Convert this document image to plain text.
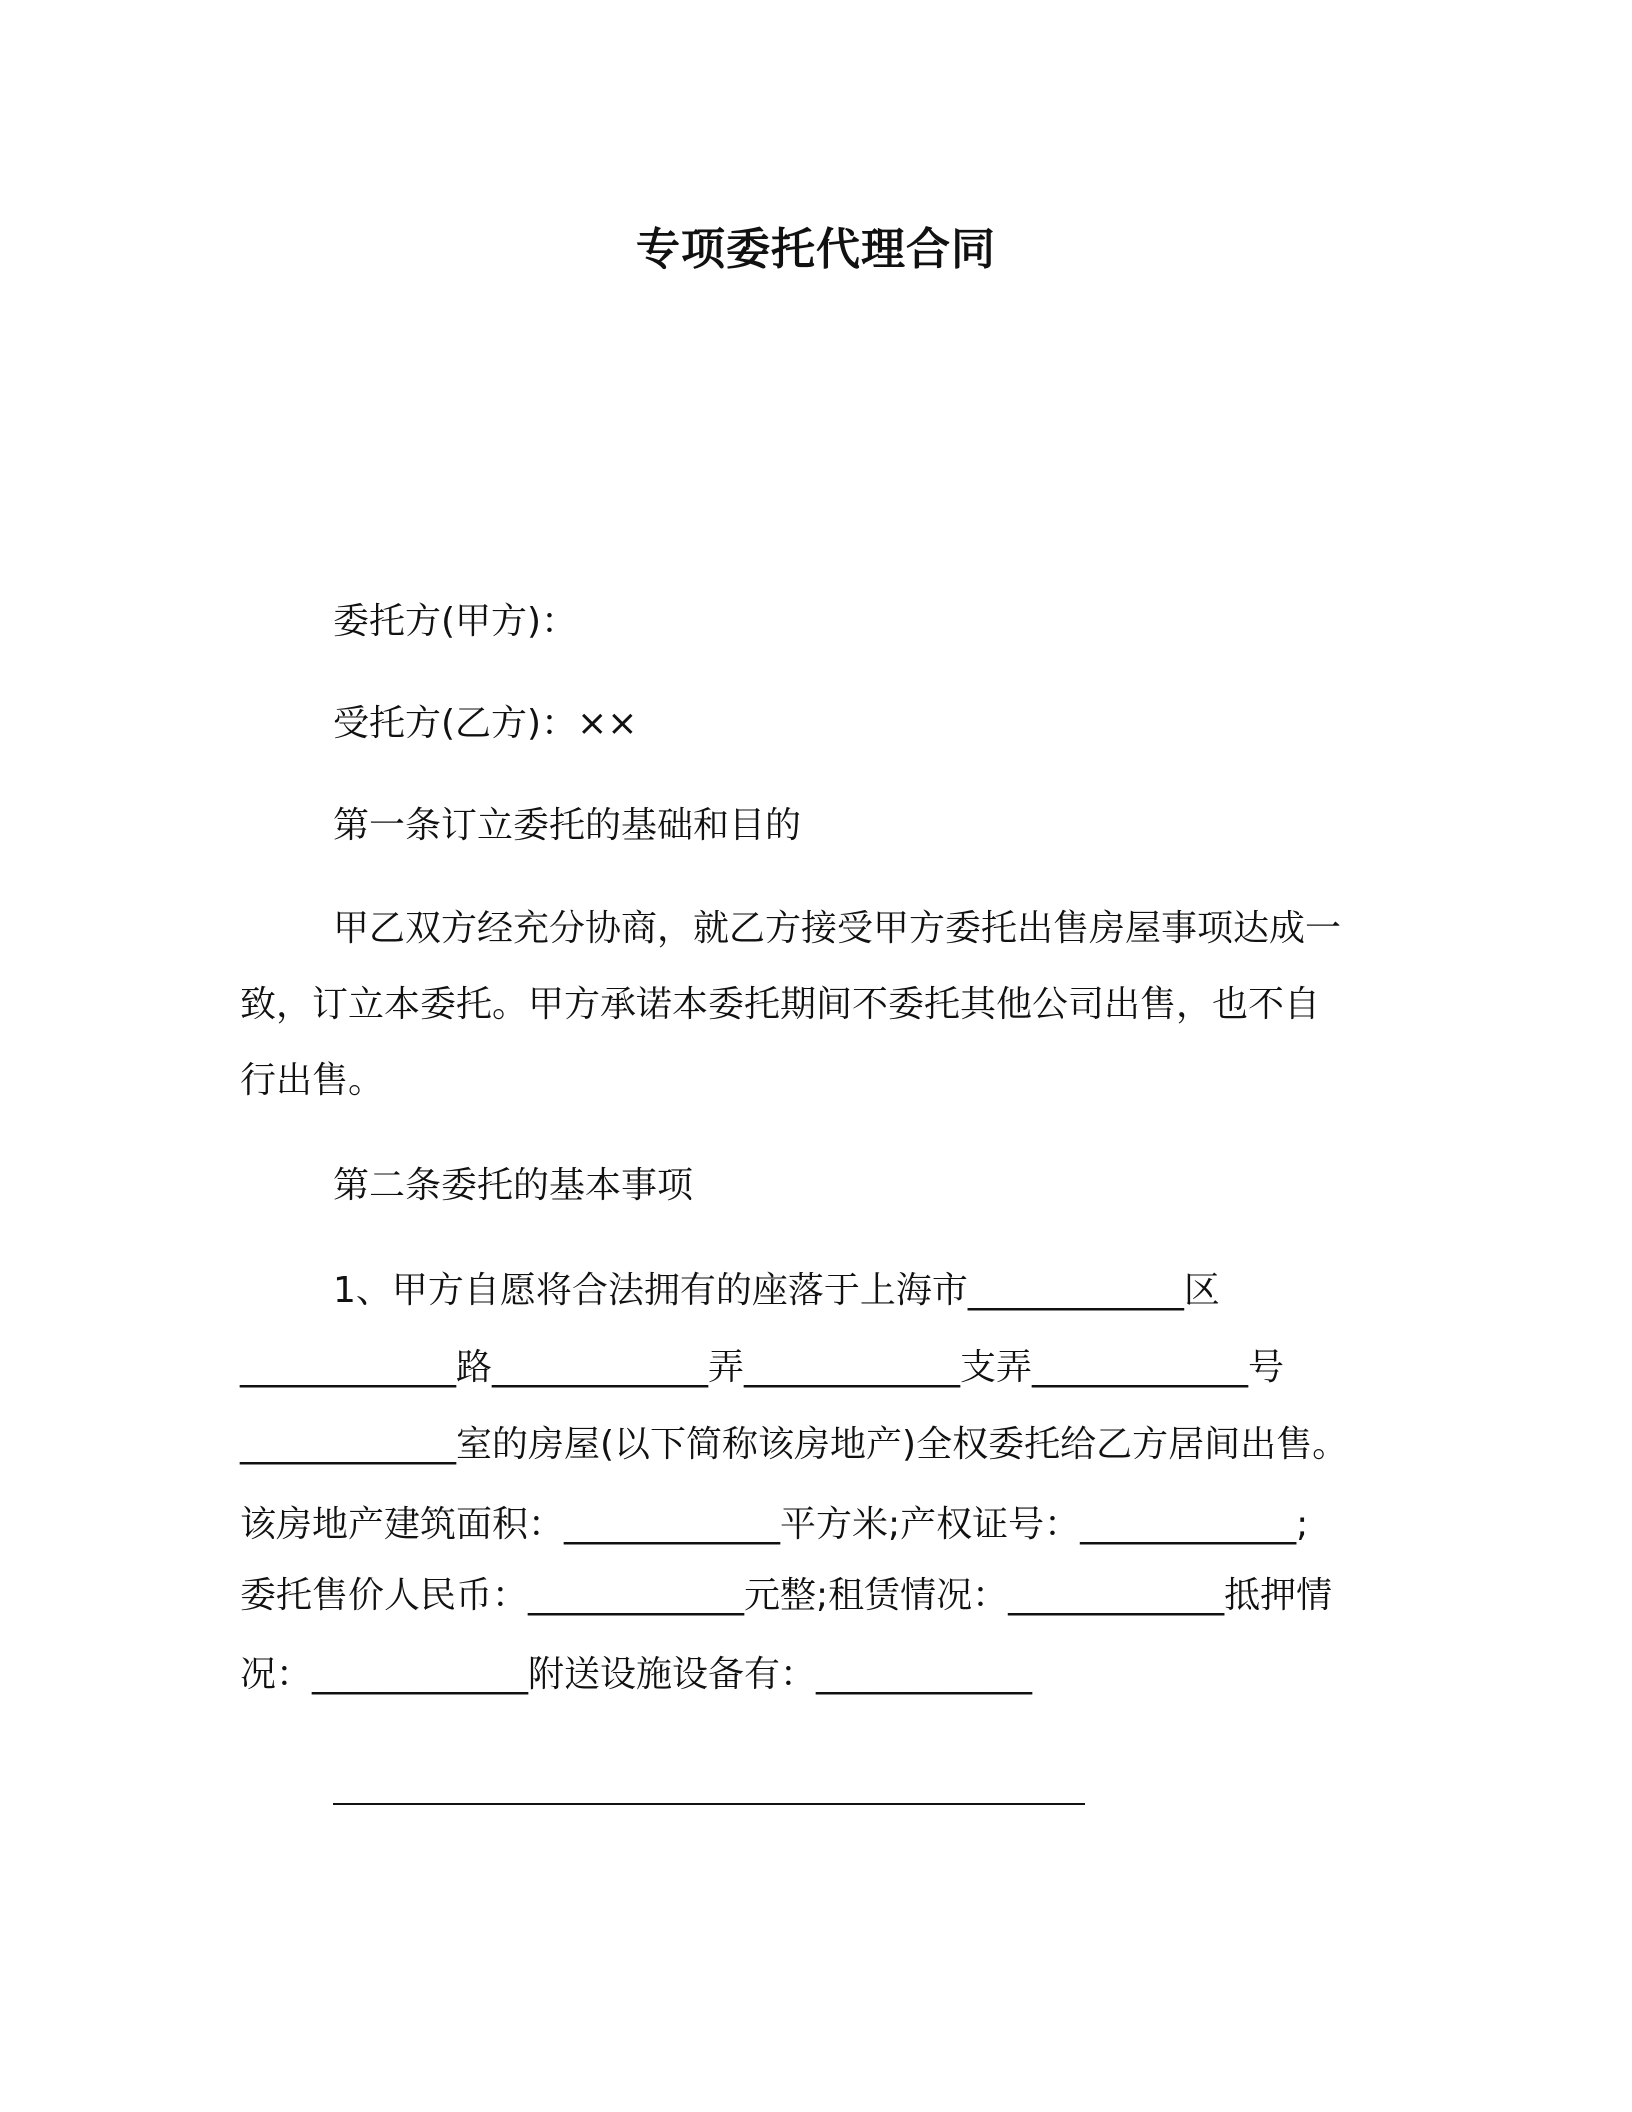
专项委托代理合同
委托方(甲方)：
受托方(乙方)：××
第一条订立委托的基础和目的
甲乙双方经充分协商，就乙方接受甲方委托出售房屋事项达成一
致，订立本委托。甲方承诺本委托期间不委托其他公司出售，也不自
行出售。
第二条委托的基本事项
1、甲方自愿将合法拥有的座落于上海市____________区
____________路____________弄____________支弄____________号
____________室的房屋(以下简称该房地产)全权委托给乙方居间出售。
该房地产建筑面积：____________平方米;产权证号：____________;
委托售价人民币：____________元整;租赁情况：____________抵押情
况：____________附送设施设备有：____________
